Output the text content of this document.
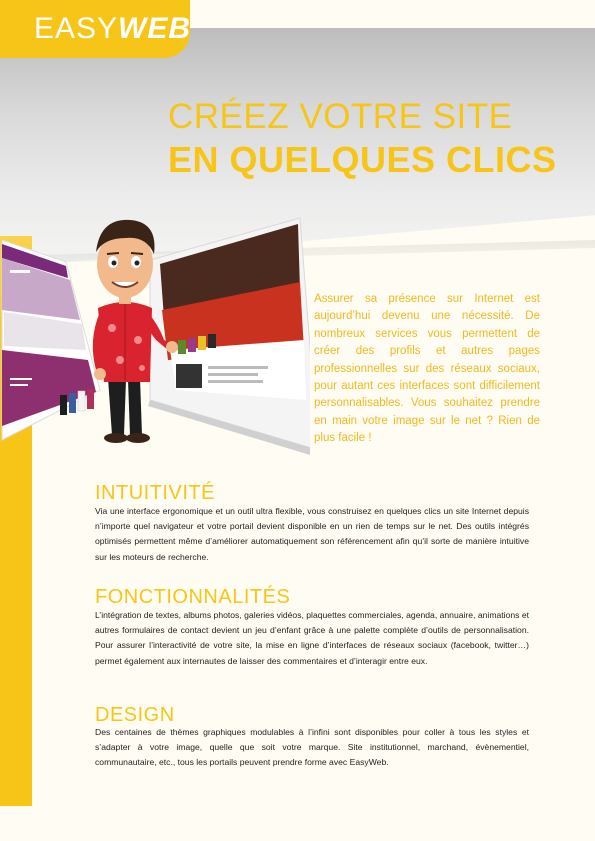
EASYWEB
CRÉEZ VOTRE SITE
EN QUELQUES CLICS
Assurer sa présence sur Internet est aujourd’hui devenu une nécessité. De nombreux services vous permettent de créer des profils et autres pages professionnelles sur des réseaux sociaux, pour autant ces interfaces sont difficilement personnalisables. Vous souhaitez prendre en main votre image sur le net ? Rien de plus facile !
INTUITIVITÉ
Via une interface ergonomique et un outil ultra flexible, vous construisez en quelques clics un site Internet depuis n’importe quel navigateur et votre portail devient disponible en un rien de temps sur le net. Des outils intégrés optimisés permettent même d’améliorer automatiquement son référencement afin qu’il sorte de manière intuitive sur les moteurs de recherche.
FONCTIONNALITÉS
L’intégration de textes, albums photos, galeries vidéos, plaquettes commerciales, agenda, annuaire, animations et autres formulaires de contact devient un jeu d’enfant grâce à une palette complète d’outils de personnalisation. Pour assurer l’interactivité de votre site, la mise en ligne d’interfaces de réseaux sociaux (facebook, twitter…) permet également aux internautes de laisser des commentaires et d’interagir entre eux.
DESIGN
Des centaines de thèmes graphiques modulables à l’infini sont disponibles pour coller à tous les styles et s’adapter à votre image, quelle que soit votre marque. Site institutionnel, marchand, évènementiel, communautaire, etc., tous les portails peuvent prendre forme avec EasyWeb.
